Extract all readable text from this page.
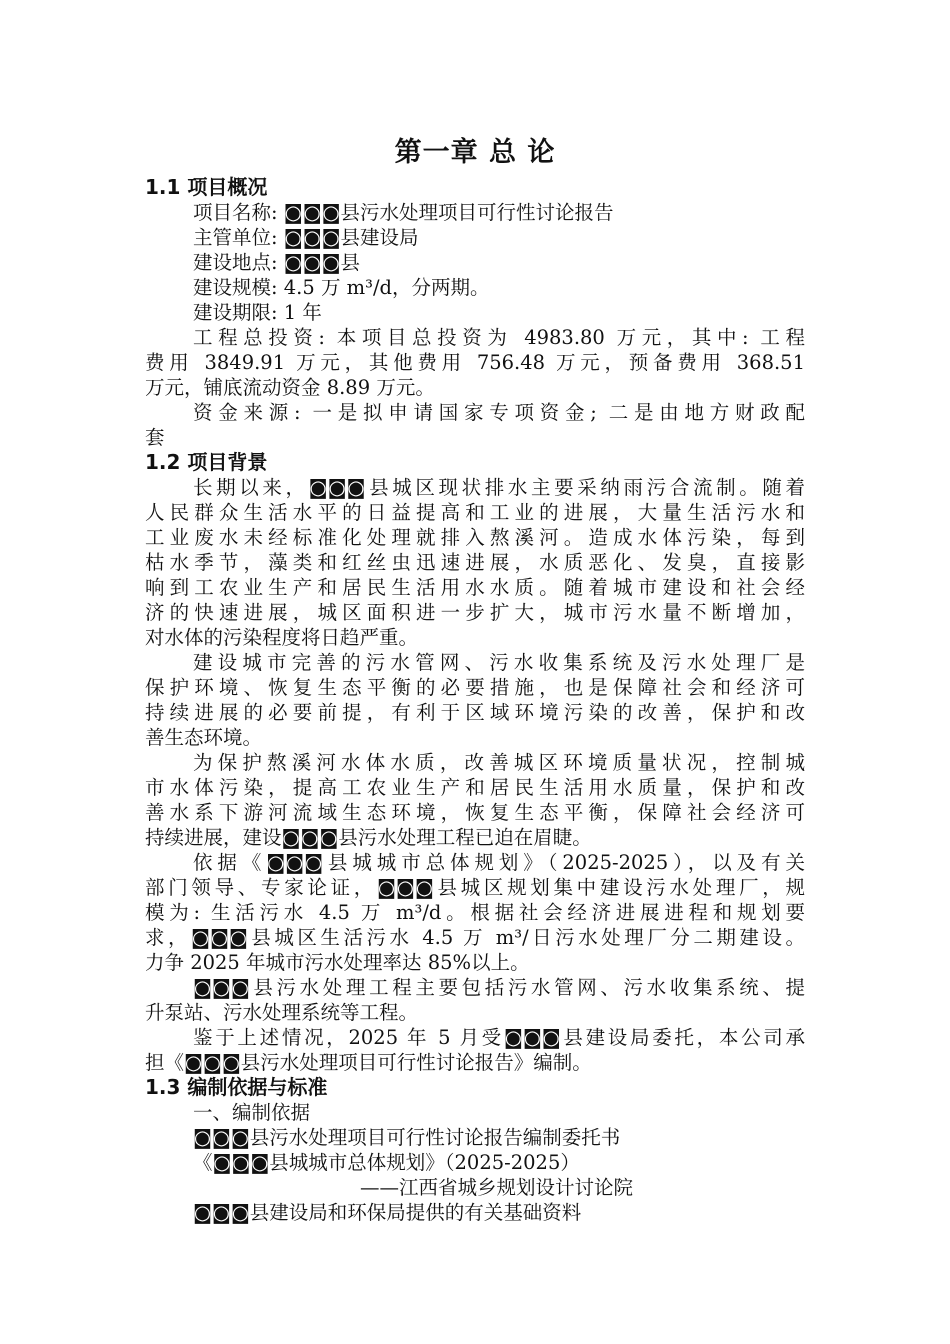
第一章 总 论
1.1 项目概况
项目名称: ◙◙◙县污水处理项目可行性讨论报告
主管单位: ◙◙◙县建设局
建设地点: ◙◙◙县
建设规模: 4.5 万 m³/d，分两期。
建设期限: 1 年
工程总投资: 本项目总投资为 4983.80 万元，其中: 工程
费用 3849.91 万元，其他费用 756.48 万元，预备费用 368.51
万元，铺底流动资金 8.89 万元。
资金来源: 一是拟申请国家专项资金; 二是由地方财政配
套
1.2 项目背景
长期以来，◙◙◙县城区现状排水主要采纳雨污合流制。随着
人民群众生活水平的日益提高和工业的进展，大量生活污水和
工业废水未经标准化处理就排入熬溪河。造成水体污染，每到
枯水季节，藻类和红丝虫迅速进展，水质恶化、发臭，直接影
响到工农业生产和居民生活用水水质。随着城市建设和社会经
济的快速进展，城区面积进一步扩大，城市污水量不断增加，
对水体的污染程度将日趋严重。
建设城市完善的污水管网、污水收集系统及污水处理厂是
保护环境、恢复生态平衡的必要措施，也是保障社会和经济可
持续进展的必要前提，有利于区域环境污染的改善，保护和改
善生态环境。
为保护熬溪河水体水质，改善城区环境质量状况，控制城
市水体污染，提高工农业生产和居民生活用水质量，保护和改
善水系下游河流域生态环境，恢复生态平衡，保障社会经济可
持续进展，建设◙◙◙县污水处理工程已迫在眉睫。
依据《◙◙◙县城城市总体规划》（2025-2025），以及有关
部门领导、专家论证，◙◙◙县城区规划集中建设污水处理厂，规
模为: 生活污水 4.5 万 m³/d。根据社会经济进展进程和规划要
求，◙◙◙县城区生活污水 4.5 万 m³/日污水处理厂分二期建设。
力争 2025 年城市污水处理率达 85%以上。
◙◙◙县污水处理工程主要包括污水管网、污水收集系统、提
升泵站、污水处理系统等工程。
鉴于上述情况，2025 年 5 月受◙◙◙县建设局委托，本公司承
担《◙◙◙县污水处理项目可行性讨论报告》编制。
1.3 编制依据与标准
一、编制依据
◙◙◙县污水处理项目可行性讨论报告编制委托书
《◙◙◙县城城市总体规划》（2025-2025）
——江西省城乡规划设计讨论院
◙◙◙县建设局和环保局提供的有关基础资料
